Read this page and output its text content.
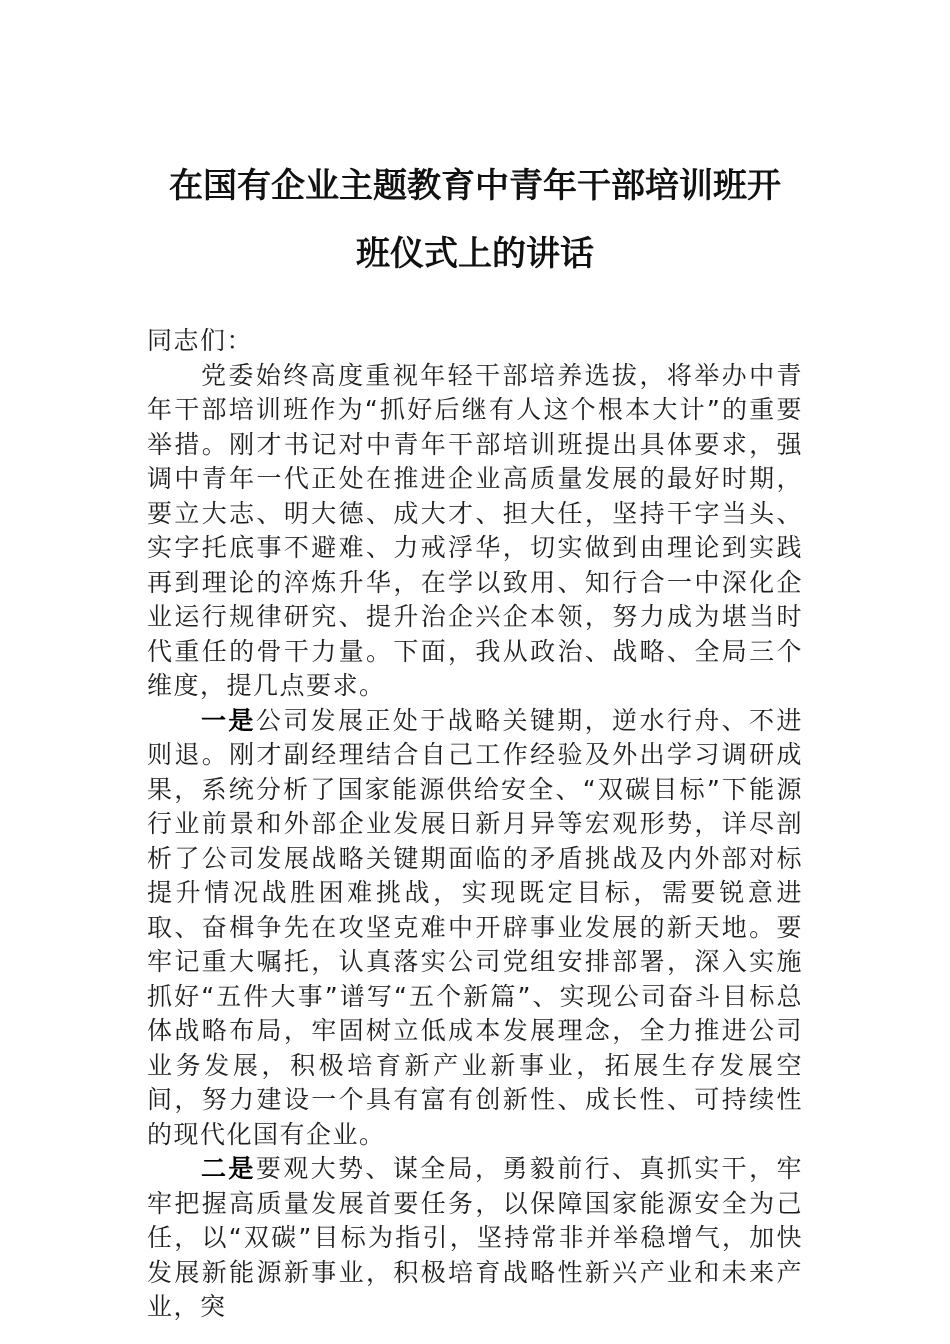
在国有企业主题教育中青年干部培训班开
班仪式上的讲话

同志们：

党委始终高度重视年轻干部培养选拔，将举办中青年干部培训班作为“抓好后继有人这个根本大计”的重要举措。刚才书记对中青年干部培训班提出具体要求，强调中青年一代正处在推进企业高质量发展的最好时期，要立大志、明大德、成大才、担大任，坚持干字当头、实字托底事不避难、力戒浮华，切实做到由理论到实践再到理论的淬炼升华，在学以致用、知行合一中深化企业运行规律研究、提升治企兴企本领，努力成为堪当时代重任的骨干力量。下面，我从政治、战略、全局三个维度，提几点要求。

一是公司发展正处于战略关键期，逆水行舟、不进则退。刚才副经理结合自己工作经验及外出学习调研成果，系统分析了国家能源供给安全、“双碳目标”下能源行业前景和外部企业发展日新月异等宏观形势，详尽剖析了公司发展战略关键期面临的矛盾挑战及内外部对标提升情况战胜困难挑战，实现既定目标，需要锐意进取、奋楫争先在攻坚克难中开辟事业发展的新天地。要牢记重大嘱托，认真落实公司党组安排部署，深入实施抓好“五件大事”谱写“五个新篇”、实现公司奋斗目标总体战略布局，牢固树立低成本发展理念，全力推进公司业务发展，积极培育新产业新事业，拓展生存发展空间，努力建设一个具有富有创新性、成长性、可持续性的现代化国有企业。

二是要观大势、谋全局，勇毅前行、真抓实干，牢牢把握高质量发展首要任务，以保障国家能源安全为己任，以“双碳”目标为指引，坚持常非并举稳增气，加快发展新能源新事业，积极培育战略性新兴产业和未来产业，突
